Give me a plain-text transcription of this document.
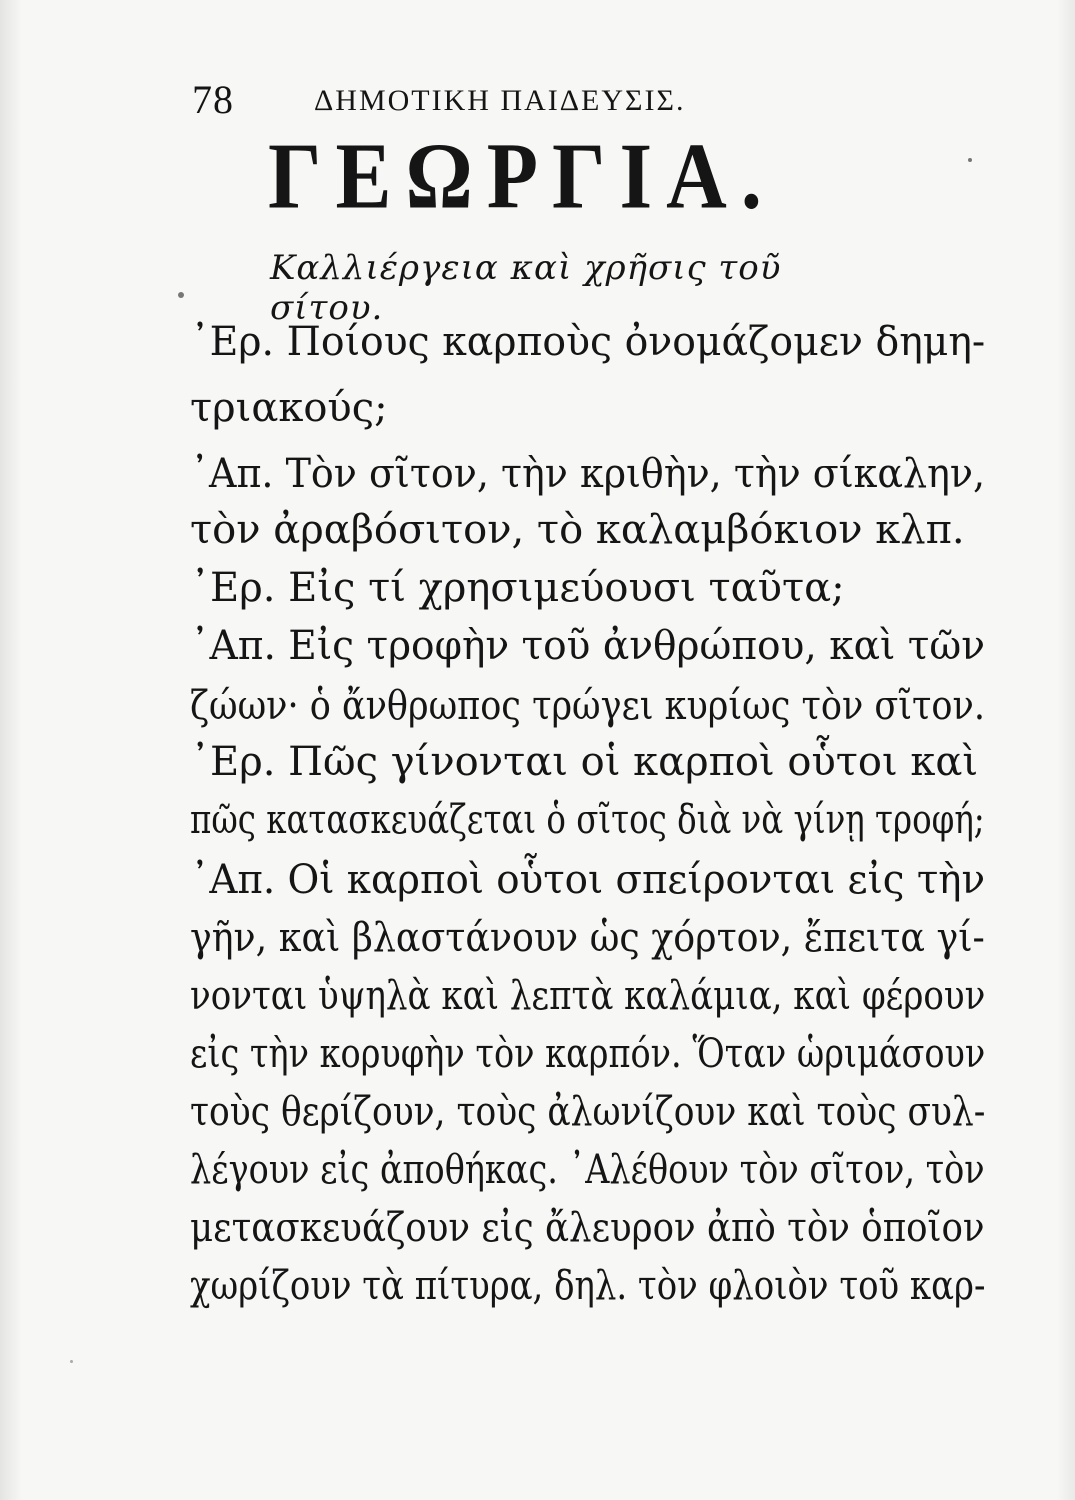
78	ΔΗΜΟΤΙΚΗ ΠΑΙΔΕΥΣΙΣ.
ΓΕΩΡΓΙΑ.
Καλλιέργεια καὶ χρῆσις τοῦ σίτου.
᾿Ερ. Ποίους καρποὺς ὀνομάζομεν δημη-
τριακούς;
᾿Απ. Τὸν σῖτον, τὴν κριθὴν, τὴν σίκαλην,
τὸν ἀραβόσιτον, τὸ καλαμβόκιον κλπ.
᾿Ερ. Εἰς τί χρησιμεύουσι ταῦτα;
᾿Απ. Εἰς τροφὴν τοῦ ἀνθρώπου, καὶ τῶν
ζώων· ὁ ἄνθρωπος τρώγει κυρίως τὸν σῖτον.
᾿Ερ. Πῶς γίνονται οἱ καρποὶ οὗτοι καὶ
πῶς κατασκευάζεται ὁ σῖτος διὰ νὰ γίνῃ τροφή;
᾿Απ. Οἱ καρποὶ οὗτοι σπείρονται εἰς τὴν
γῆν, καὶ βλαστάνουν ὡς χόρτον, ἔπειτα γί-
νονται ὑψηλὰ καὶ λεπτὰ καλάμια, καὶ φέρουν
εἰς τὴν κορυφὴν τὸν καρπόν. Ὅταν ὡριμάσουν
τοὺς θερίζουν, τοὺς ἀλωνίζουν καὶ τοὺς συλ-
λέγουν εἰς ἀποθήκας. ᾿Αλέθουν τὸν σῖτον, τὸν
μετασκευάζουν εἰς ἄλευρον ἀπὸ τὸν ὁποῖον
χωρίζουν τὰ πίτυρα, δηλ. τὸν φλοιὸν τοῦ καρ-
